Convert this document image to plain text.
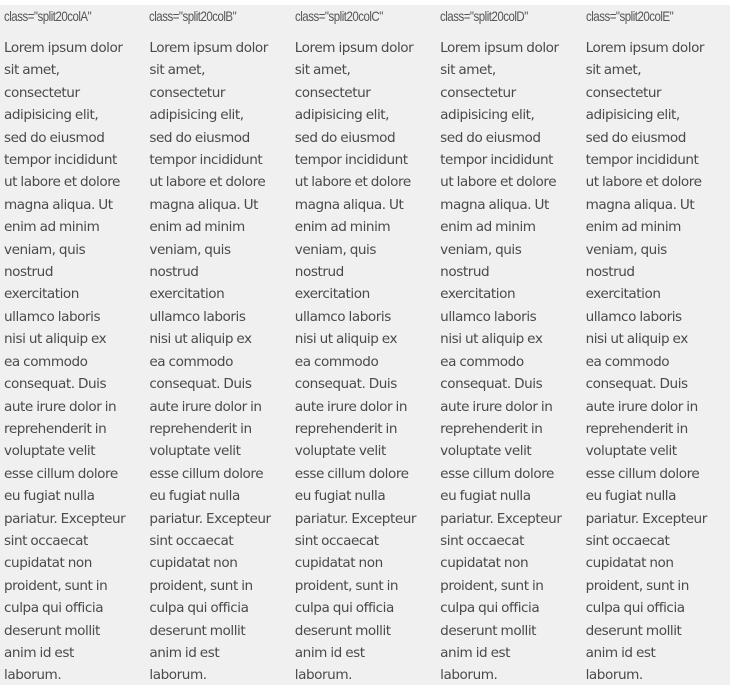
class="split20colA"
Lorem ipsum dolor
sit amet,
consectetur
adipisicing elit,
sed do eiusmod
tempor incididunt
ut labore et dolore
magna aliqua. Ut
enim ad minim
veniam, quis
nostrud
exercitation
ullamco laboris
nisi ut aliquip ex
ea commodo
consequat. Duis
aute irure dolor in
reprehenderit in
voluptate velit
esse cillum dolore
eu fugiat nulla
pariatur. Excepteur
sint occaecat
cupidatat non
proident, sunt in
culpa qui officia
deserunt mollit
anim id est
laborum.
class="split20colB"
Lorem ipsum dolor
sit amet,
consectetur
adipisicing elit,
sed do eiusmod
tempor incididunt
ut labore et dolore
magna aliqua. Ut
enim ad minim
veniam, quis
nostrud
exercitation
ullamco laboris
nisi ut aliquip ex
ea commodo
consequat. Duis
aute irure dolor in
reprehenderit in
voluptate velit
esse cillum dolore
eu fugiat nulla
pariatur. Excepteur
sint occaecat
cupidatat non
proident, sunt in
culpa qui officia
deserunt mollit
anim id est
laborum.
class="split20colC"
Lorem ipsum dolor
sit amet,
consectetur
adipisicing elit,
sed do eiusmod
tempor incididunt
ut labore et dolore
magna aliqua. Ut
enim ad minim
veniam, quis
nostrud
exercitation
ullamco laboris
nisi ut aliquip ex
ea commodo
consequat. Duis
aute irure dolor in
reprehenderit in
voluptate velit
esse cillum dolore
eu fugiat nulla
pariatur. Excepteur
sint occaecat
cupidatat non
proident, sunt in
culpa qui officia
deserunt mollit
anim id est
laborum.
class="split20colD"
Lorem ipsum dolor
sit amet,
consectetur
adipisicing elit,
sed do eiusmod
tempor incididunt
ut labore et dolore
magna aliqua. Ut
enim ad minim
veniam, quis
nostrud
exercitation
ullamco laboris
nisi ut aliquip ex
ea commodo
consequat. Duis
aute irure dolor in
reprehenderit in
voluptate velit
esse cillum dolore
eu fugiat nulla
pariatur. Excepteur
sint occaecat
cupidatat non
proident, sunt in
culpa qui officia
deserunt mollit
anim id est
laborum.
class="split20colE"
Lorem ipsum dolor
sit amet,
consectetur
adipisicing elit,
sed do eiusmod
tempor incididunt
ut labore et dolore
magna aliqua. Ut
enim ad minim
veniam, quis
nostrud
exercitation
ullamco laboris
nisi ut aliquip ex
ea commodo
consequat. Duis
aute irure dolor in
reprehenderit in
voluptate velit
esse cillum dolore
eu fugiat nulla
pariatur. Excepteur
sint occaecat
cupidatat non
proident, sunt in
culpa qui officia
deserunt mollit
anim id est
laborum.
